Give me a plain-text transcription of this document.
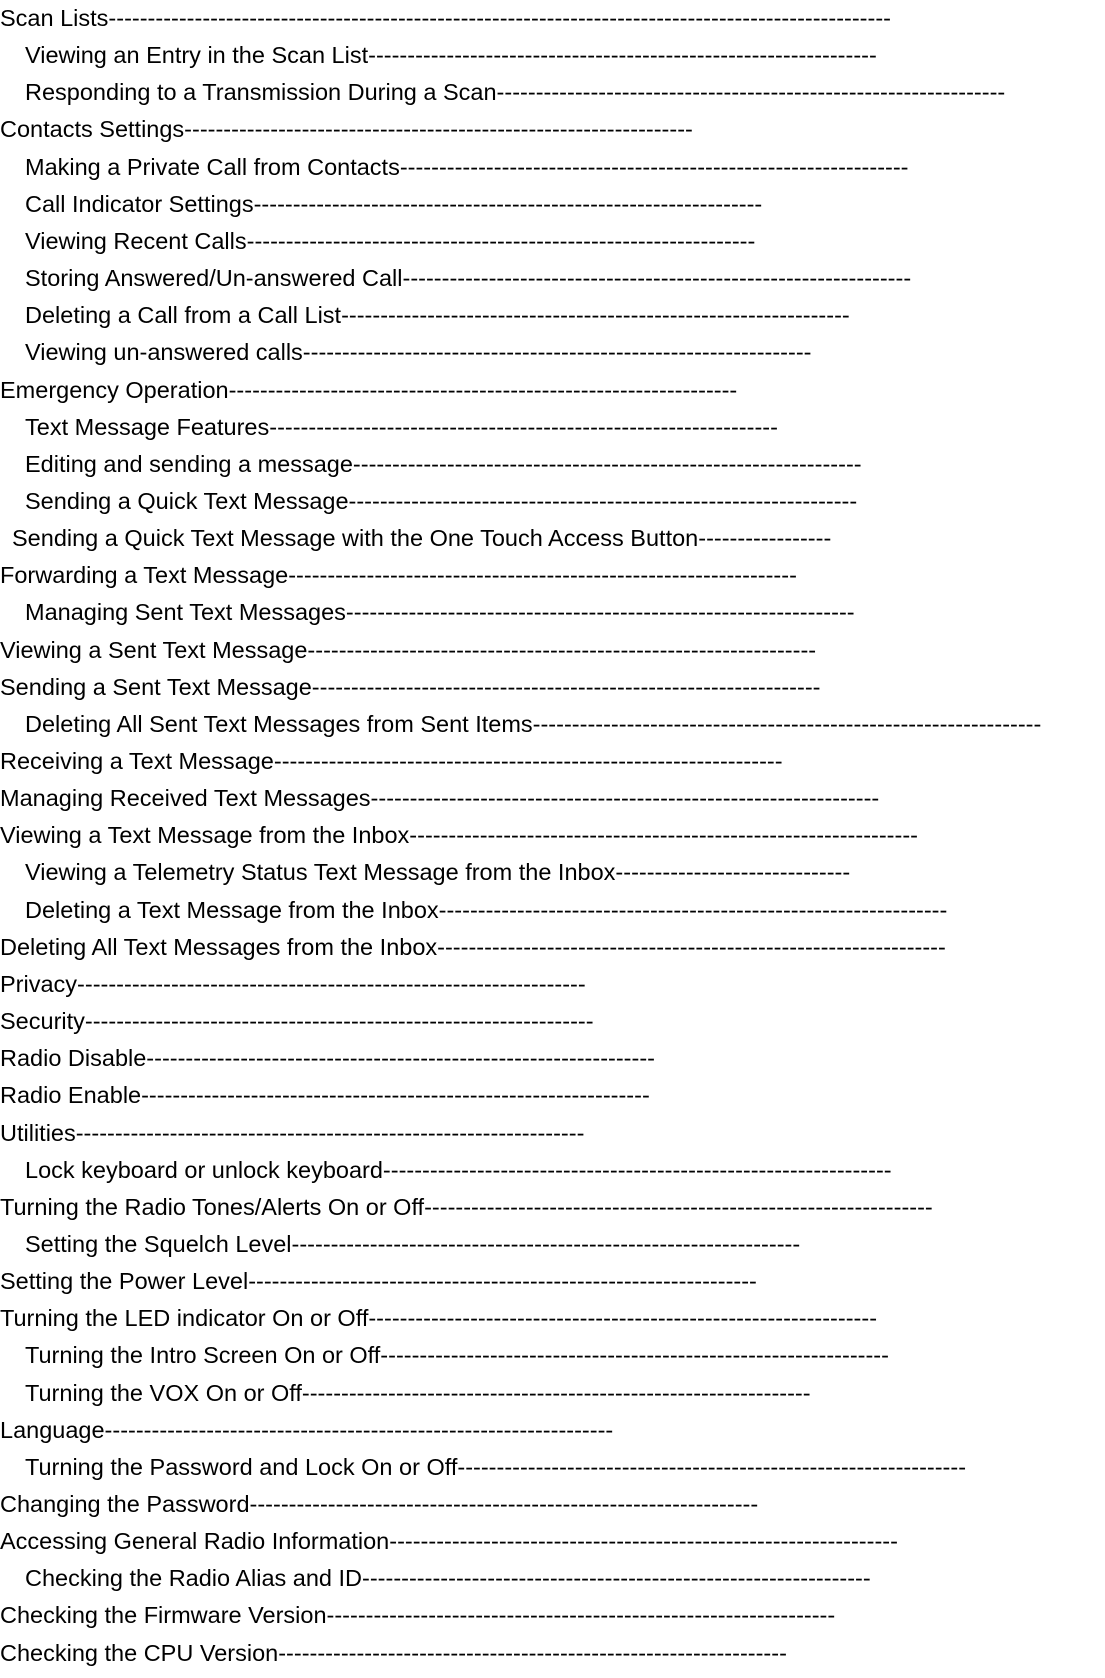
Scan Lists----------------------------------------------------------------------------------------------------
Viewing an Entry in the Scan List-----------------------------------------------------------------
Responding to a Transmission During a Scan-----------------------------------------------------------------
Contacts Settings-----------------------------------------------------------------
Making a Private Call from Contacts-----------------------------------------------------------------
Call Indicator Settings-----------------------------------------------------------------
Viewing Recent Calls-----------------------------------------------------------------
Storing Answered/Un-answered Call-----------------------------------------------------------------
Deleting a Call from a Call List-----------------------------------------------------------------
Viewing un-answered calls-----------------------------------------------------------------
Emergency Operation-----------------------------------------------------------------
Text Message Features-----------------------------------------------------------------
Editing and sending a message-----------------------------------------------------------------
Sending a Quick Text Message-----------------------------------------------------------------
Sending a Quick Text Message with the One Touch Access Button-----------------
Forwarding a Text Message-----------------------------------------------------------------
Managing Sent Text Messages-----------------------------------------------------------------
Viewing a Sent Text Message-----------------------------------------------------------------
Sending a Sent Text Message-----------------------------------------------------------------
Deleting All Sent Text Messages from Sent Items-----------------------------------------------------------------
Receiving a Text Message-----------------------------------------------------------------
Managing Received Text Messages-----------------------------------------------------------------
Viewing a Text Message from the Inbox-----------------------------------------------------------------
Viewing a Telemetry Status Text Message from the Inbox------------------------------
Deleting a Text Message from the Inbox-----------------------------------------------------------------
Deleting All Text Messages from the Inbox-----------------------------------------------------------------
Privacy-----------------------------------------------------------------
Security-----------------------------------------------------------------
Radio Disable-----------------------------------------------------------------
Radio Enable-----------------------------------------------------------------
Utilities-----------------------------------------------------------------
Lock keyboard or unlock keyboard-----------------------------------------------------------------
Turning the Radio Tones/Alerts On or Off-----------------------------------------------------------------
Setting the Squelch Level-----------------------------------------------------------------
Setting the Power Level-----------------------------------------------------------------
Turning the LED indicator On or Off-----------------------------------------------------------------
Turning the Intro Screen On or Off-----------------------------------------------------------------
Turning the VOX On or Off-----------------------------------------------------------------
Language-----------------------------------------------------------------
Turning the Password and Lock On or Off-----------------------------------------------------------------
Changing the Password-----------------------------------------------------------------
Accessing General Radio Information-----------------------------------------------------------------
Checking the Radio Alias and ID-----------------------------------------------------------------
Checking the Firmware Version-----------------------------------------------------------------
Checking the CPU Version-----------------------------------------------------------------
